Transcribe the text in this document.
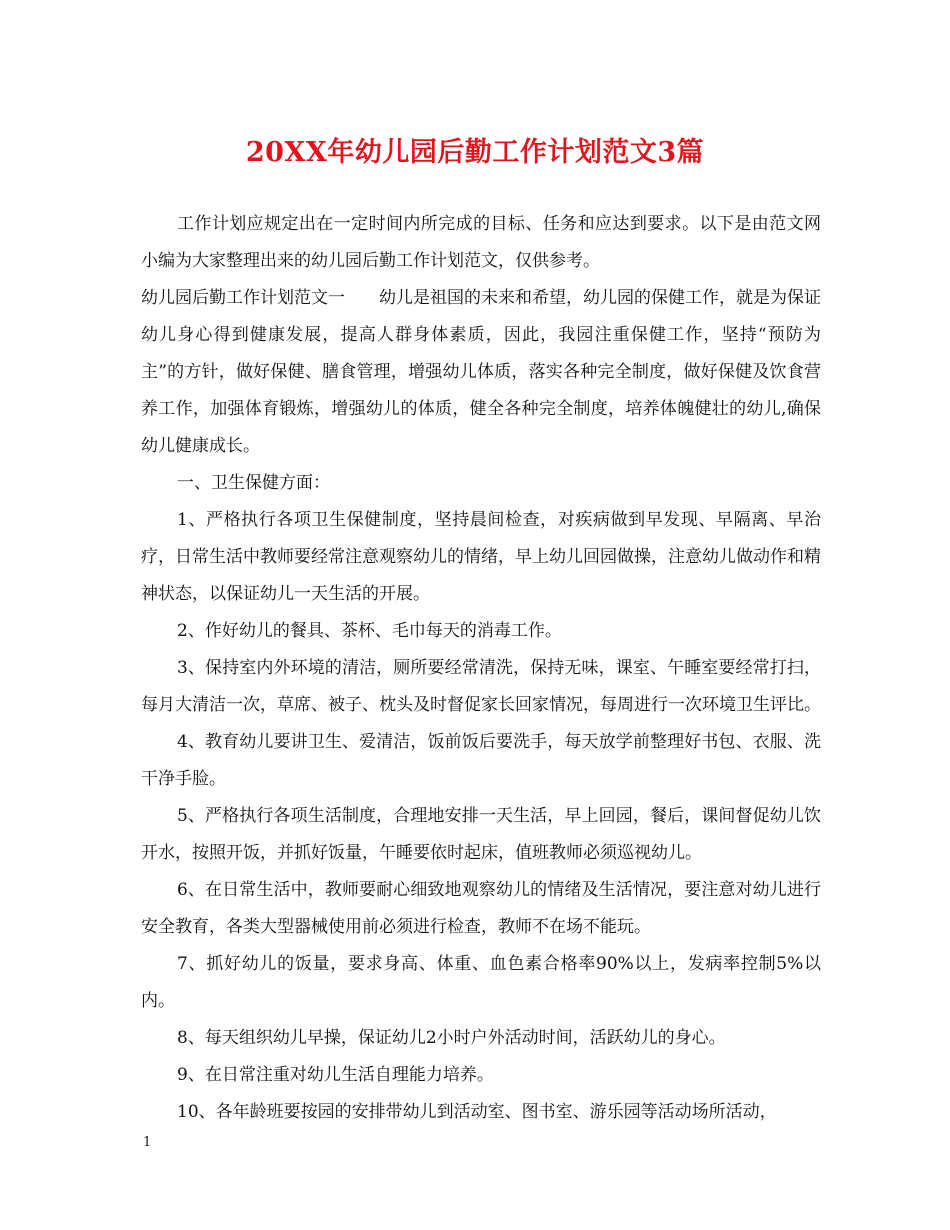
20XX年幼儿园后勤工作计划范文3篇

工作计划应规定出在一定时间内所完成的目标、任务和应达到要求。以下是由范文网小编为大家整理出来的幼儿园后勤工作计划范文，仅供参考。

幼儿园后勤工作计划范文一　　幼儿是祖国的未来和希望，幼儿园的保健工作，就是为保证幼儿身心得到健康发展，提高人群身体素质，因此，我园注重保健工作，坚持“预防为主”的方针，做好保健、膳食管理，增强幼儿体质，落实各种完全制度，做好保健及饮食营养工作，加强体育锻炼，增强幼儿的体质，健全各种完全制度，培养体魄健壮的幼儿,确保幼儿健康成长。

一、卫生保健方面：

1、严格执行各项卫生保健制度，坚持晨间检查，对疾病做到早发现、早隔离、早治疗，日常生活中教师要经常注意观察幼儿的情绪，早上幼儿回园做操，注意幼儿做动作和精神状态，以保证幼儿一天生活的开展。

2、作好幼儿的餐具、茶杯、毛巾每天的消毒工作。

3、保持室内外环境的清洁，厕所要经常清洗，保持无味，课室、午睡室要经常打扫，每月大清洁一次，草席、被子、枕头及时督促家长回家情况，每周进行一次环境卫生评比。

4、教育幼儿要讲卫生、爱清洁，饭前饭后要洗手，每天放学前整理好书包、衣服、洗干净手脸。

5、严格执行各项生活制度，合理地安排一天生活，早上回园，餐后，课间督促幼儿饮开水，按照开饭，并抓好饭量，午睡要依时起床，值班教师必须巡视幼儿。

6、在日常生活中，教师要耐心细致地观察幼儿的情绪及生活情况，要注意对幼儿进行安全教育，各类大型器械使用前必须进行检查，教师不在场不能玩。

7、抓好幼儿的饭量，要求身高、体重、血色素合格率90%以上，发病率控制5%以内。

8、每天组织幼儿早操，保证幼儿2小时户外活动时间，活跃幼儿的身心。

9、在日常注重对幼儿生活自理能力培养。

10、各年龄班要按园的安排带幼儿到活动室、图书室、游乐园等活动场所活动，

1
